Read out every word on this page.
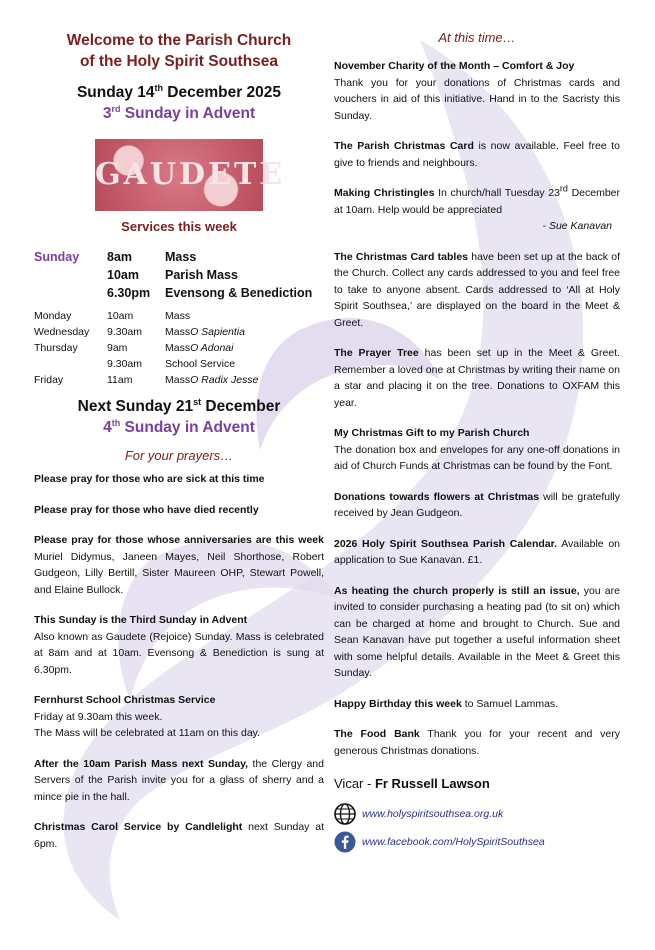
Welcome to the Parish Church
of the Holy Spirit Southsea
Sunday 14th December 2025
3rd Sunday in Advent
GAUDETE
Services this week
Sunday	8am	Mass
10am	Parish Mass
6.30pm	Evensong & Benediction
Monday	10am	Mass
Wednesday	9.30am	Mass O Sapientia
Thursday	9am	Mass O Adonai
9.30am	School Service
Friday	11am	Mass O Radix Jesse
Next Sunday 21st December
4th Sunday in Advent
For your prayers…
Please pray for those who are sick at this time
Please pray for those who have died recently
Please pray for those whose anniversaries are this week Muriel Didymus, Janeen Mayes, Neil Shorthose, Robert Gudgeon, Lilly Bertill, Sister Maureen OHP, Stewart Powell, and Elaine Bullock.
This Sunday is the Third Sunday in Advent
Also known as Gaudete (Rejoice) Sunday. Mass is celebrated at 8am and at 10am. Evensong & Benediction is sung at 6.30pm.
Fernhurst School Christmas Service
Friday at 9.30am this week.
The Mass will be celebrated at 11am on this day.
After the 10am Parish Mass next Sunday, the Clergy and Servers of the Parish invite you for a glass of sherry and a mince pie in the hall.
Christmas Carol Service by Candlelight next Sunday at 6pm.
At this time…
November Charity of the Month – Comfort & Joy
Thank you for your donations of Christmas cards and vouchers in aid of this initiative. Hand in to the Sacristy this Sunday.
The Parish Christmas Card is now available. Feel free to give to friends and neighbours.
Making Christingles In church/hall Tuesday 23rd December at 10am. Help would be appreciated
- Sue Kanavan
The Christmas Card tables have been set up at the back of the Church. Collect any cards addressed to you and feel free to take to anyone absent. Cards addressed to ‘All at Holy Spirit Southsea,’ are displayed on the board in the Meet & Greet.
The Prayer Tree has been set up in the Meet & Greet. Remember a loved one at Christmas by writing their name on a star and placing it on the tree. Donations to OXFAM this year.
My Christmas Gift to my Parish Church
The donation box and envelopes for any one-off donations in aid of Church Funds at Christmas can be found by the Font.
Donations towards flowers at Christmas will be gratefully received by Jean Gudgeon.
2026 Holy Spirit Southsea Parish Calendar. Available on application to Sue Kanavan. £1.
As heating the church properly is still an issue, you are invited to consider purchasing a heating pad (to sit on) which can be charged at home and brought to Church. Sue and Sean Kanavan have put together a useful information sheet with some helpful details. Available in the Meet & Greet this Sunday.
Happy Birthday this week to Samuel Lammas.
The Food Bank Thank you for your recent and very generous Christmas donations.
Vicar - Fr Russell Lawson
www.holyspiritsouthsea.org.uk
www.facebook.com/HolySpiritSouthsea
